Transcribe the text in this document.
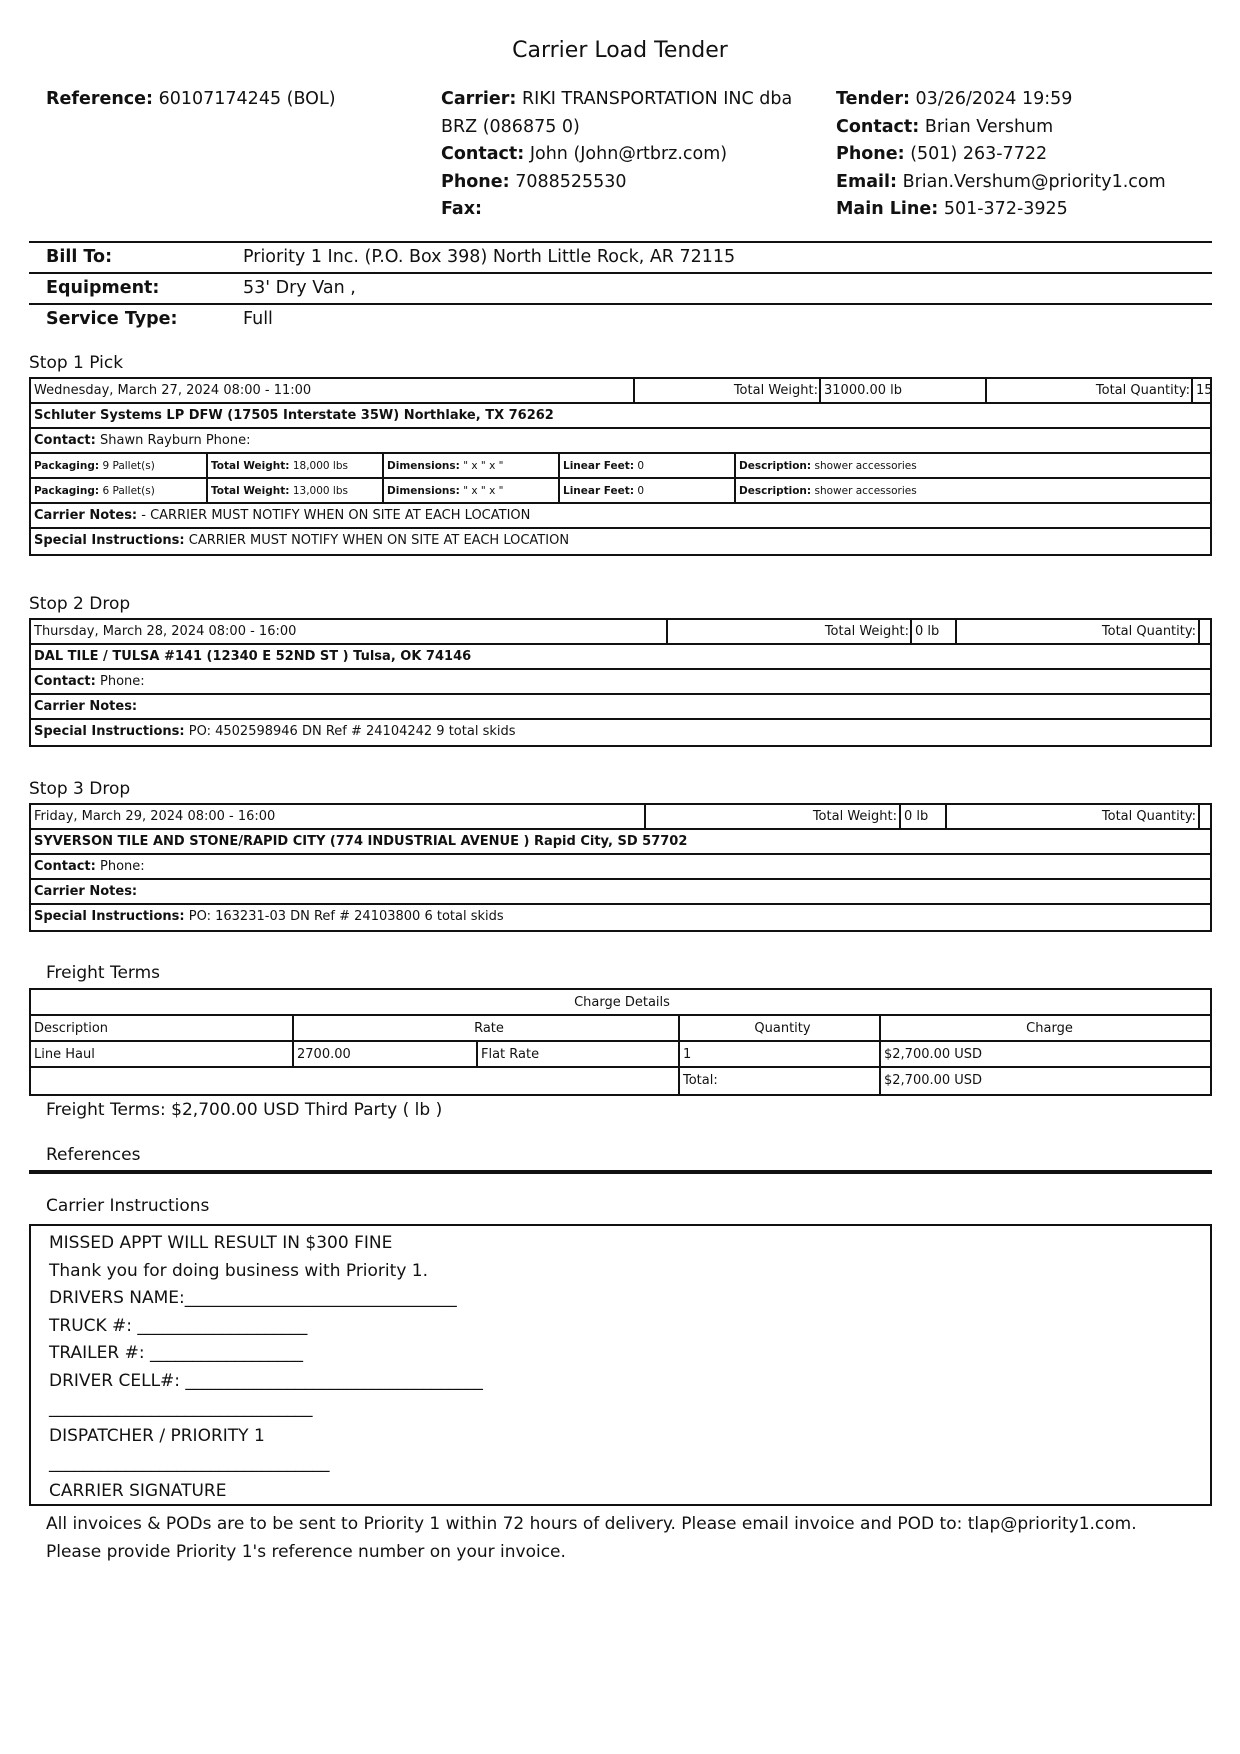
Carrier Load Tender
Reference: 60107174245 (BOL)	Carrier: RIKI TRANSPORTATION INC dba
BRZ (086875 0)
Contact: John (John@rtbrz.com)
Phone: 7088525530
Fax:
Tender: 03/26/2024 19:59
Contact: Brian Vershum
Phone: (501) 263-7722
Email: Brian.Vershum@priority1.com
Main Line: 501-372-3925
Bill To:	Priority 1 Inc. (P.O. Box 398) North Little Rock, AR 72115
Equipment:	53' Dry Van ,
Service Type:	Full
Stop 1 Pick
Wednesday, March 27, 2024 08:00 - 11:00	Total Weight: 31000.00 lb	Total Quantity: 15
Schluter Systems LP DFW (17505 Interstate 35W) Northlake, TX 76262
Contact: Shawn Rayburn Phone:
Packaging: 9 Pallet(s)	Total Weight: 18,000 lbs	Dimensions: " x " x "	Linear Feet: 0	Description: shower accessories
Packaging: 6 Pallet(s)	Total Weight: 13,000 lbs	Dimensions: " x " x "	Linear Feet: 0	Description: shower accessories
Carrier Notes: - CARRIER MUST NOTIFY WHEN ON SITE AT EACH LOCATION
Special Instructions: CARRIER MUST NOTIFY WHEN ON SITE AT EACH LOCATION
Stop 2 Drop
Thursday, March 28, 2024 08:00 - 16:00	Total Weight: 0 lb	Total Quantity:
DAL TILE / TULSA #141 (12340 E 52ND ST ) Tulsa, OK 74146
Contact: Phone:
Carrier Notes:
Special Instructions: PO: 4502598946 DN Ref # 24104242 9 total skids
Stop 3 Drop
Friday, March 29, 2024 08:00 - 16:00	Total Weight: 0 lb	Total Quantity:
SYVERSON TILE AND STONE/RAPID CITY (774 INDUSTRIAL AVENUE ) Rapid City, SD 57702
Contact: Phone:
Carrier Notes:
Special Instructions: PO: 163231-03 DN Ref # 24103800 6 total skids
Freight Terms
Charge Details
Description	Rate	Quantity	Charge
Line Haul	2700.00	Flat Rate	1	$2,700.00 USD
Total:	$2,700.00 USD
Freight Terms: $2,700.00 USD Third Party ( lb )
References
Carrier Instructions
MISSED APPT WILL RESULT IN $300 FINE
Thank you for doing business with Priority 1.
DRIVERS NAME:________________________________
TRUCK #: ____________________
TRAILER #: __________________
DRIVER CELL#: ___________________________________
_______________________________
DISPATCHER / PRIORITY 1
_________________________________
CARRIER SIGNATURE
All invoices & PODs are to be sent to Priority 1 within 72 hours of delivery. Please email invoice and POD to: tlap@priority1.com. Please provide Priority 1's reference number on your invoice.
